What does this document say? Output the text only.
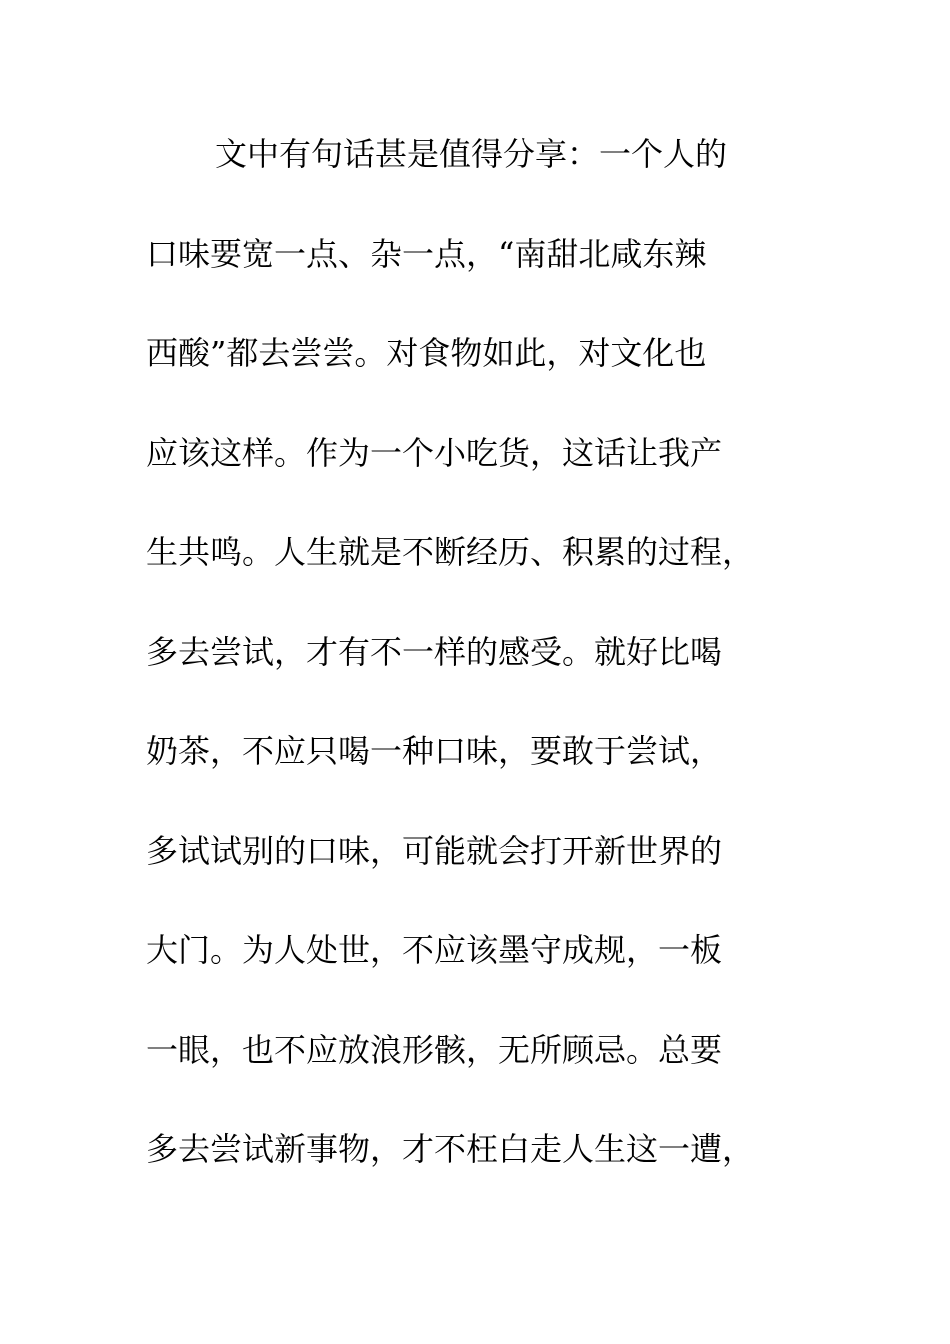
文中有句话甚是值得分享：一个人的
口味要宽一点、杂一点，“南甜北咸东辣
西酸”都去尝尝。对食物如此，对文化也
应该这样。作为一个小吃货，这话让我产
生共鸣。人生就是不断经历、积累的过程，
多去尝试，才有不一样的感受。就好比喝
奶茶，不应只喝一种口味，要敢于尝试，
多试试别的口味，可能就会打开新世界的
大门。为人处世，不应该墨守成规，一板
一眼，也不应放浪形骸，无所顾忌。总要
多去尝试新事物，才不枉白走人生这一遭，
